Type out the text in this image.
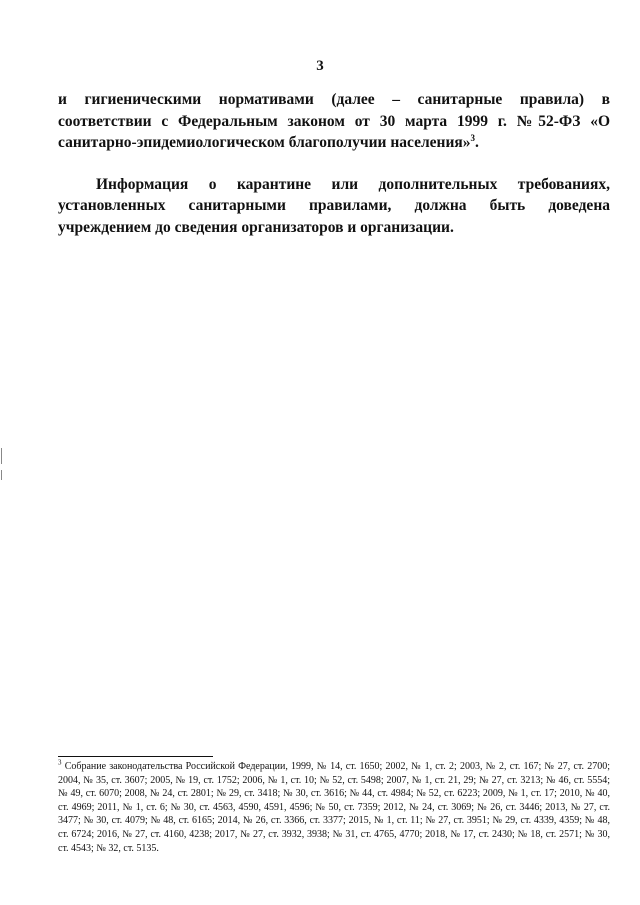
3

и гигиеническими нормативами (далее – санитарные правила) в соответствии с Федеральным законом от 30 марта 1999 г. №52-ФЗ «О санитарно-эпидемиологическом благополучии населения»$^3$.

Информация о карантине или дополнительных требованиях, установленных санитарными правилами, должна быть доведена учреждением до сведения организаторов и организации.

$^3$ Собрание законодательства Российской Федерации, 1999, № 14, ст. 1650; 2002, № 1, ст. 2; 2003, № 2, ст. 167; № 27, ст. 2700; 2004, № 35, ст. 3607; 2005, № 19, ст. 1752; 2006, № 1, ст. 10; № 52, ст. 5498; 2007, № 1, ст. 21, 29; № 27, ст. 3213; № 46, ст. 5554; № 49, ст. 6070; 2008, № 24, ст. 2801; № 29, ст. 3418; № 30, ст. 3616; № 44, ст. 4984; № 52, ст. 6223; 2009, № 1, ст. 17; 2010, № 40, ст. 4969; 2011, № 1, ст. 6; № 30, ст. 4563, 4590, 4591, 4596; № 50, ст. 7359; 2012, № 24, ст. 3069; № 26, ст. 3446; 2013, № 27, ст. 3477; № 30, ст. 4079; № 48, ст. 6165; 2014, № 26, ст. 3366, ст. 3377; 2015, № 1, ст. 11; № 27, ст. 3951; № 29, ст. 4339, 4359; № 48, ст. 6724; 2016, № 27, ст. 4160, 4238; 2017, № 27, ст. 3932, 3938; № 31, ст. 4765, 4770; 2018, № 17, ст. 2430; № 18, ст. 2571; № 30, ст. 4543; № 32, ст. 5135.
